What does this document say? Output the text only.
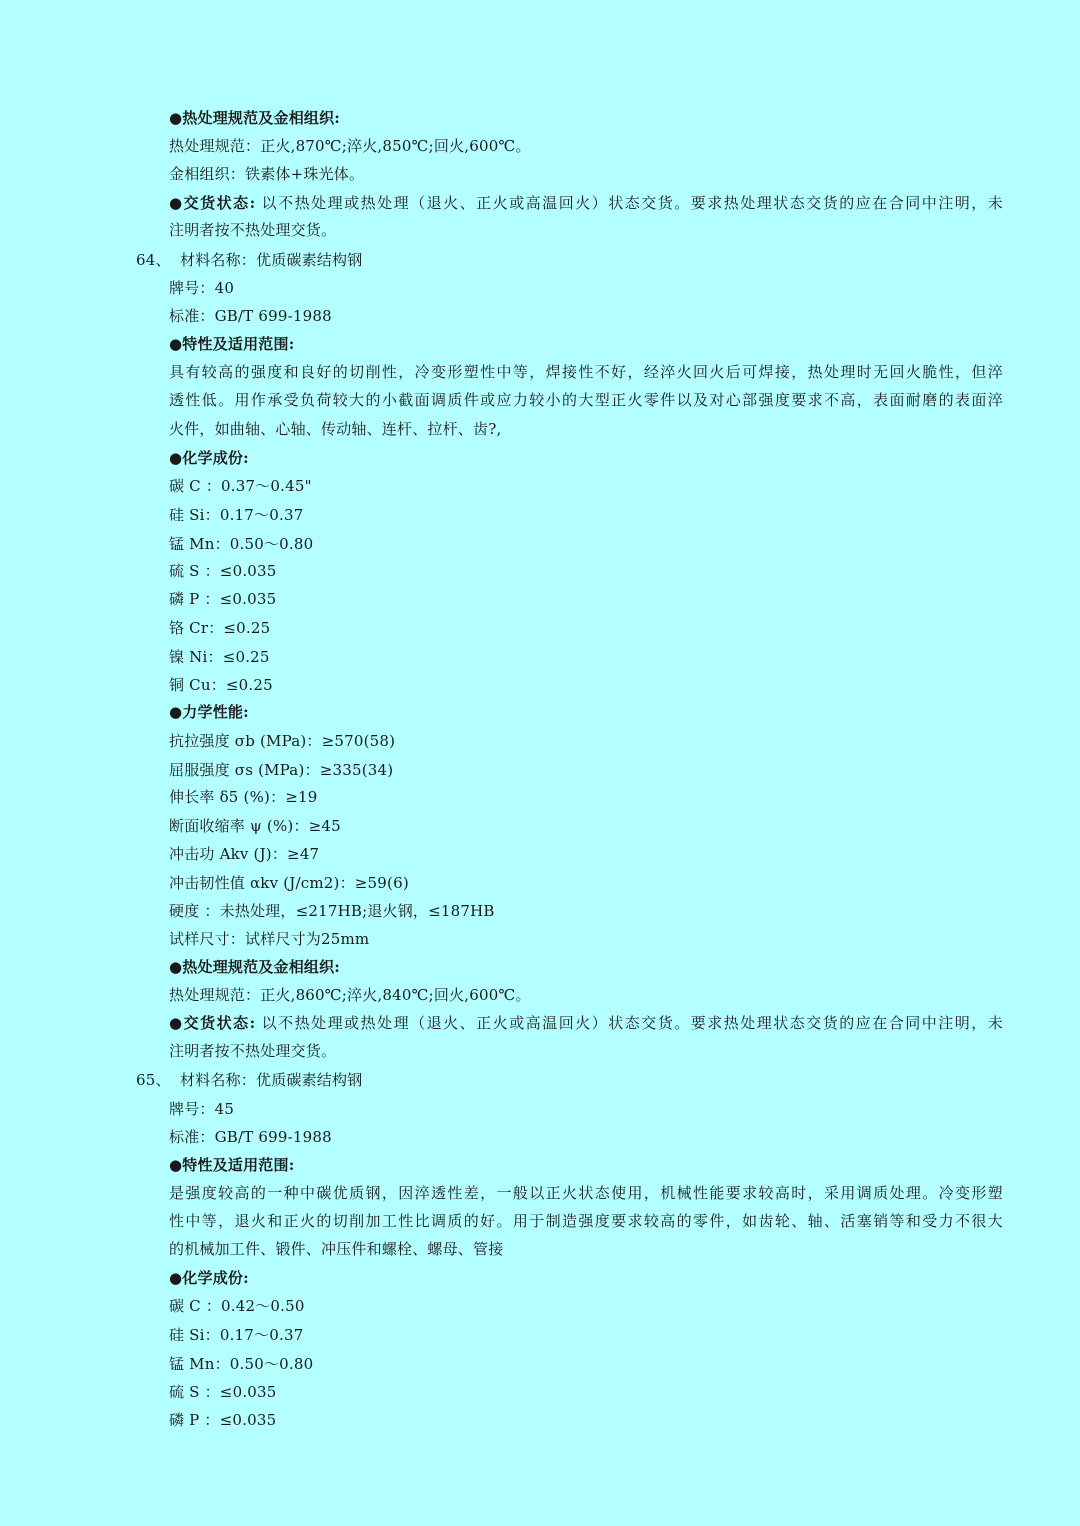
●热处理规范及金相组织:
热处理规范：正火,870℃;淬火,850℃;回火,600℃。
金相组织：铁素体+珠光体。
●交货状态: 以不热处理或热处理（退火、正火或高温回火）状态交货。要求热处理状态交货的应在合同中注明，未
注明者按不热处理交货。
64、 材料名称：优质碳素结构钢
牌号：40
标准：GB/T 699-1988
●特性及适用范围:
具有较高的强度和良好的切削性，冷变形塑性中等，焊接性不好，经淬火回火后可焊接，热处理时无回火脆性，但淬
透性低。用作承受负荷较大的小截面调质件或应力较小的大型正火零件以及对心部强度要求不高，表面耐磨的表面淬
火件，如曲轴、心轴、传动轴、连杆、拉杆、齿?,
●化学成份:
碳 C ：0.37～0.45"
硅 Si：0.17～0.37
锰 Mn：0.50～0.80
硫 S ：≤0.035
磷 P ：≤0.035
铬 Cr：≤0.25
镍 Ni：≤0.25
铜 Cu：≤0.25
●力学性能:
抗拉强度 σb (MPa)：≥570(58)
屈服强度 σs (MPa)：≥335(34)
伸长率 δ5 (%)：≥19
断面收缩率 ψ (%)：≥45
冲击功 Akv (J)：≥47
冲击韧性值 αkv (J/cm2)：≥59(6)
硬度 ：未热处理，≤217HB;退火钢，≤187HB
试样尺寸：试样尺寸为25mm
●热处理规范及金相组织:
热处理规范：正火,860℃;淬火,840℃;回火,600℃。
●交货状态: 以不热处理或热处理（退火、正火或高温回火）状态交货。要求热处理状态交货的应在合同中注明，未
注明者按不热处理交货。
65、 材料名称：优质碳素结构钢
牌号：45
标准：GB/T 699-1988
●特性及适用范围:
是强度较高的一种中碳优质钢，因淬透性差，一般以正火状态使用，机械性能要求较高时，采用调质处理。冷变形塑
性中等，退火和正火的切削加工性比调质的好。用于制造强度要求较高的零件，如齿轮、轴、活塞销等和受力不很大
的机械加工件、锻件、冲压件和螺栓、螺母、管接
●化学成份:
碳 C ：0.42～0.50
硅 Si：0.17～0.37
锰 Mn：0.50～0.80
硫 S ：≤0.035
磷 P ：≤0.035
